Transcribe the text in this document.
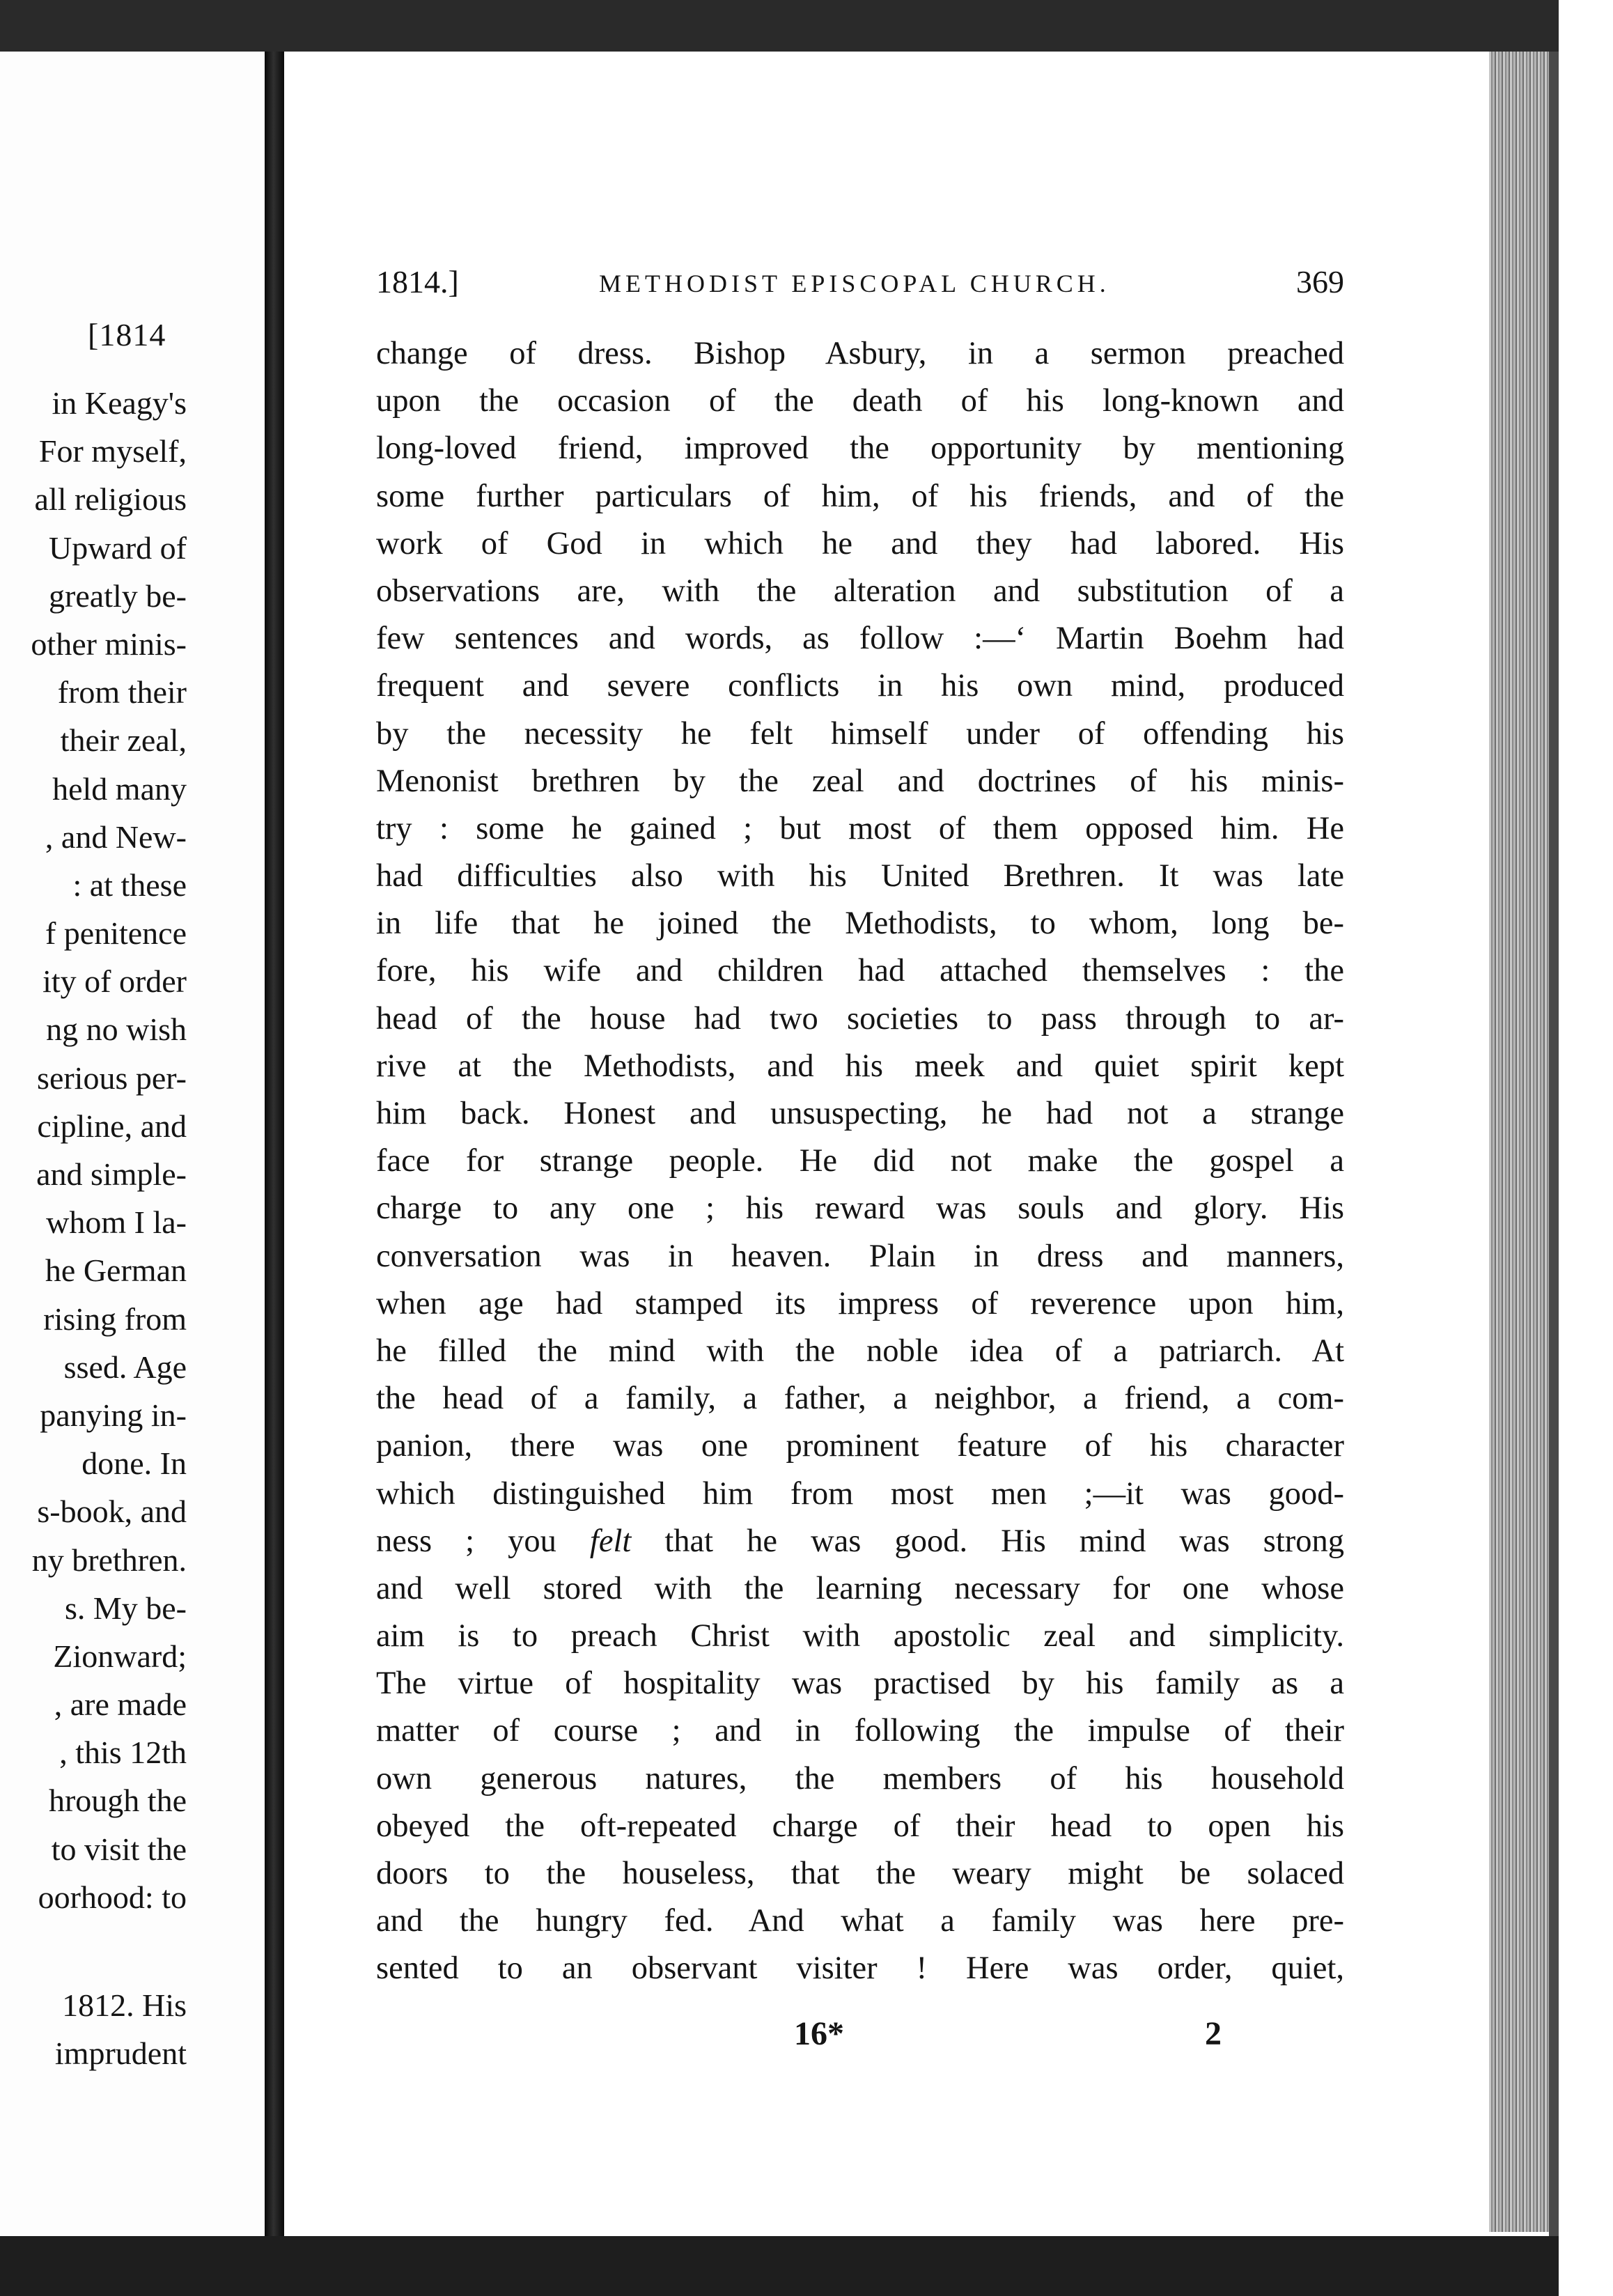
[1814
in Keagy's
For myself,
all religious
Upward of
greatly be-
other minis-
from their
their zeal,
held many
, and New-
: at these
f penitence
ity of order
ng no wish
serious per-
cipline, and
and simple-
whom I la-
he German
rising from
ssed. Age
panying in-
done. In
s-book, and
ny brethren.
s. My be-
Zionward;
, are made
, this 12th
hrough the
to visit the
oorhood: to
1812. His
imprudent
1814.]	METHODIST EPISCOPAL CHURCH.	369
change of dress. Bishop Asbury, in a sermon preached
upon the occasion of the death of his long-known and
long-loved friend, improved the opportunity by mentioning
some further particulars of him, of his friends, and of the
work of God in which he and they had labored. His
observations are, with the alteration and substitution of a
few sentences and words, as follow :—‘ Martin Boehm had
frequent and severe conflicts in his own mind, produced
by the necessity he felt himself under of offending his
Menonist brethren by the zeal and doctrines of his minis-
try : some he gained ; but most of them opposed him. He
had difficulties also with his United Brethren. It was late
in life that he joined the Methodists, to whom, long be-
fore, his wife and children had attached themselves : the
head of the house had two societies to pass through to ar-
rive at the Methodists, and his meek and quiet spirit kept
him back. Honest and unsuspecting, he had not a strange
face for strange people. He did not make the gospel a
charge to any one ; his reward was souls and glory. His
conversation was in heaven. Plain in dress and manners,
when age had stamped its impress of reverence upon him,
he filled the mind with the noble idea of a patriarch. At
the head of a family, a father, a neighbor, a friend, a com-
panion, there was one prominent feature of his character
which distinguished him from most men ;—it was good-
ness ; you felt that he was good. His mind was strong
and well stored with the learning necessary for one whose
aim is to preach Christ with apostolic zeal and simplicity.
The virtue of hospitality was practised by his family as a
matter of course ; and in following the impulse of their
own generous natures, the members of his household
obeyed the oft-repeated charge of their head to open his
doors to the houseless, that the weary might be solaced
and the hungry fed. And what a family was here pre-
sented to an observant visiter ! Here was order, quiet,
16*	2
